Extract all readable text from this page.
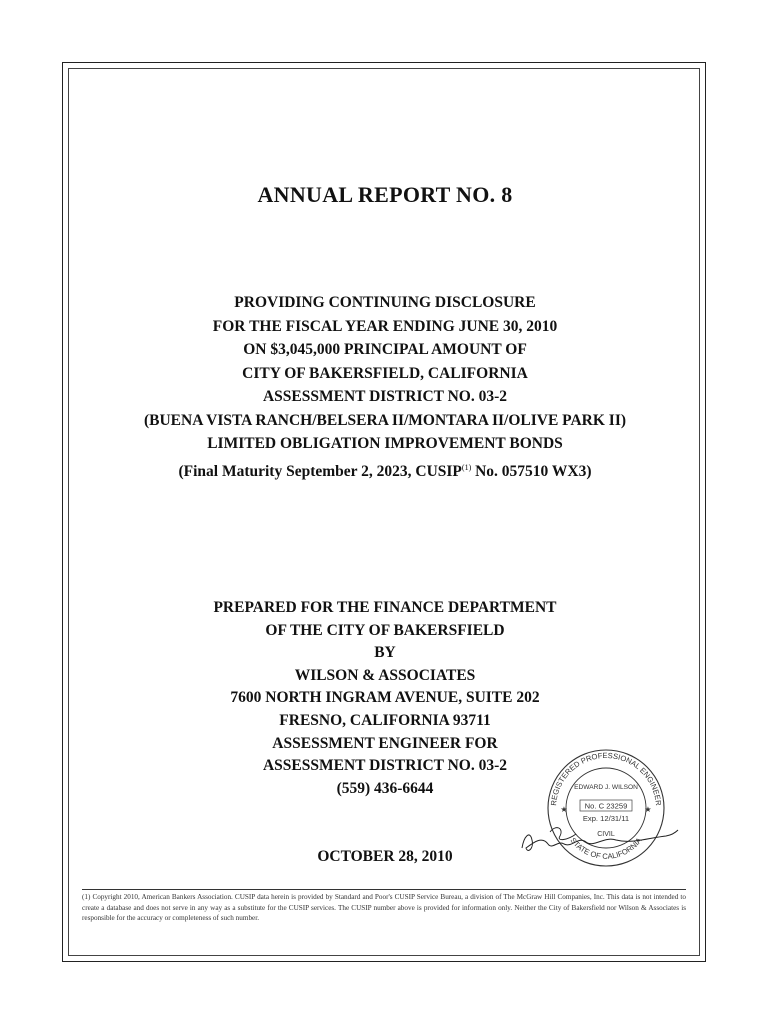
ANNUAL REPORT NO. 8

PROVIDING CONTINUING DISCLOSURE

FOR THE FISCAL YEAR ENDING JUNE 30, 2010

ON $3,045,000 PRINCIPAL AMOUNT OF

CITY OF BAKERSFIELD, CALIFORNIA

ASSESSMENT DISTRICT NO. 03-2

(BUENA VISTA RANCH/BELSERA II/MONTARA II/OLIVE PARK II)

LIMITED OBLIGATION IMPROVEMENT BONDS

(Final Maturity September 2, 2023, CUSIP$^{(1)}$ No. 057510 WX3)

PREPARED FOR THE FINANCE DEPARTMENT

OF THE CITY OF BAKERSFIELD

BY

WILSON & ASSOCIATES

7600 NORTH INGRAM AVENUE, SUITE 202

FRESNO, CALIFORNIA 93711

ASSESSMENT ENGINEER FOR

ASSESSMENT DISTRICT NO. 03-2

(559) 436-6644

OCTOBER 28, 2010

REGISTERED PROFESSIONAL ENGINEER
STATE OF CALIFORNIA
EDWARD J. WILSON
No. C 23259
Exp. 12/31/11
CIVIL
★	★

(1) Copyright 2010, American Bankers Association. CUSIP data herein is provided by Standard and Poor's CUSIP Service Bureau, a division of The McGraw Hill Companies, Inc. This data is not intended to create a database and does not serve in any way as a substitute for the CUSIP services. The CUSIP number above is provided for information only. Neither the City of Bakersfield nor Wilson & Associates is responsible for the accuracy or completeness of such number.
